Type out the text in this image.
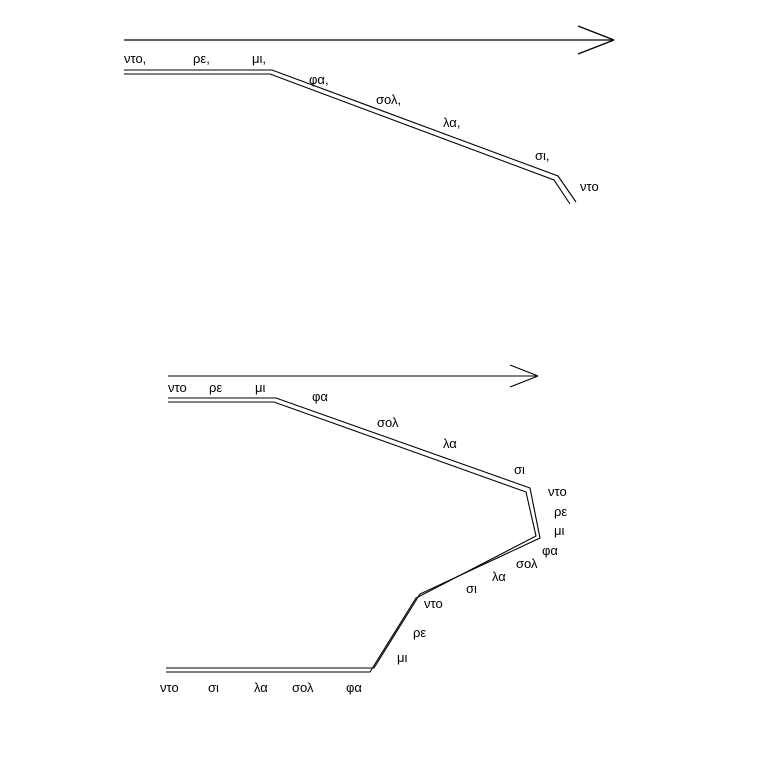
ντο,	ρε,	μι,
φα,
σολ,
λα,
σι,
ντο
ντο ρε	μι
φα
σολ
λα
σι
ντο
ρε
μι
φα
σολ
λα
σι
ντο
ρε
μι
ντο σι	λα σολ φα
